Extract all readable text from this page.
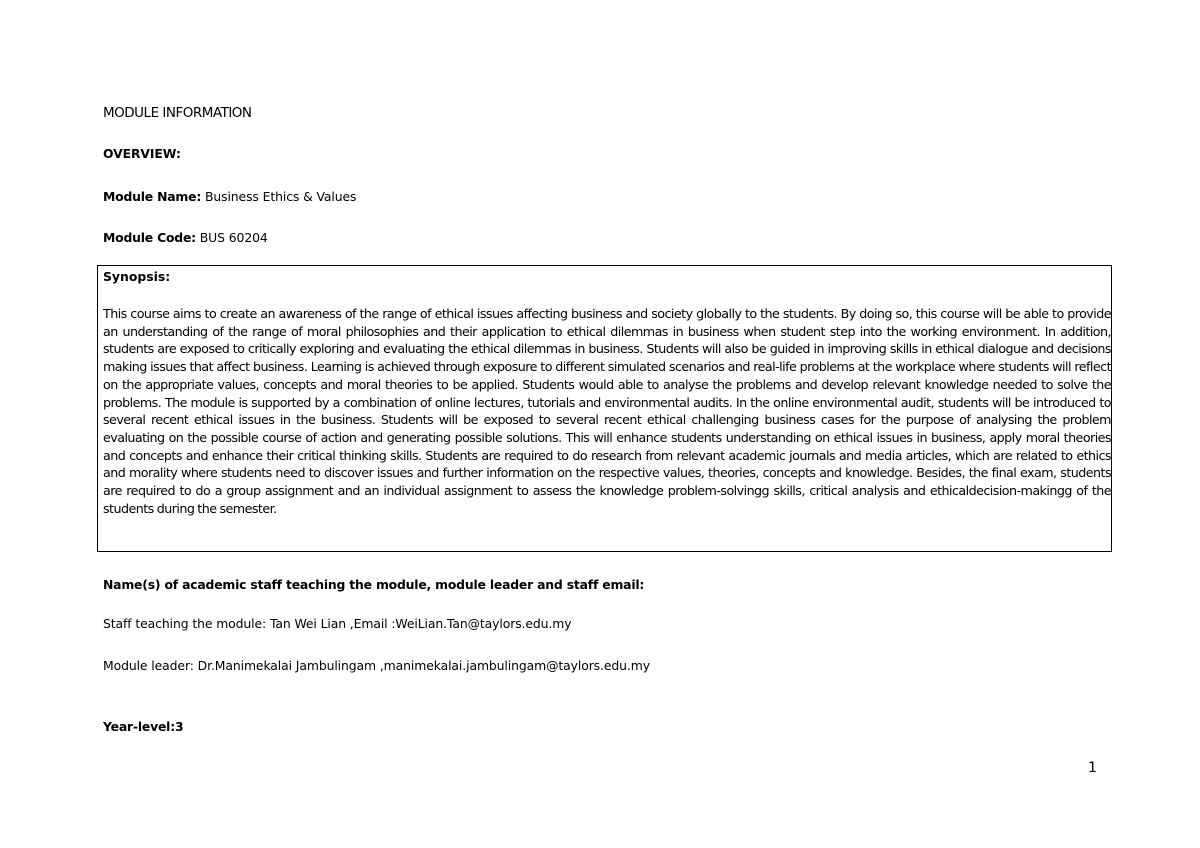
MODULE INFORMATION
OVERVIEW:
Module Name: Business Ethics & Values
Module Code: BUS 60204
Synopsis:
This course aims to create an awareness of the range of ethical issues affecting business and society globally to the students. By doing so, this course will be able to provide an understanding of the range of moral philosophies and their application to ethical dilemmas in business when student step into the working environment. In addition, students are exposed to critically exploring and evaluating the ethical dilemmas in business. Students will also be guided in improving skills in ethical dialogue and decisions making issues that affect business. Learning is achieved through exposure to different simulated scenarios and real-life problems at the workplace where students will reflect on the appropriate values, concepts and moral theories to be applied. Students would able to analyse the problems and develop relevant knowledge needed to solve the problems. The module is supported by a combination of online lectures, tutorials and environmental audits. In the online environmental audit, students will be introduced to several recent ethical issues in the business. Students will be exposed to several recent ethical challenging business cases for the purpose of analysing the problem evaluating on the possible course of action and generating possible solutions. This will enhance students understanding on ethical issues in business, apply moral theories and concepts and enhance their critical thinking skills. Students are required to do research from relevant academic journals and media articles, which are related to ethics and morality where students need to discover issues and further information on the respective values, theories, concepts and knowledge. Besides, the final exam, students are required to do a group assignment and an individual assignment to assess the knowledge problem-solvingg skills, critical analysis and ethicaldecision-makingg of the students during the semester.
Name(s) of academic staff teaching the module, module leader and staff email:
Staff teaching the module: Tan Wei Lian ,Email :WeiLian.Tan@taylors.edu.my
Module leader: Dr.Manimekalai Jambulingam ,manimekalai.jambulingam@taylors.edu.my
Year-level:3
1
